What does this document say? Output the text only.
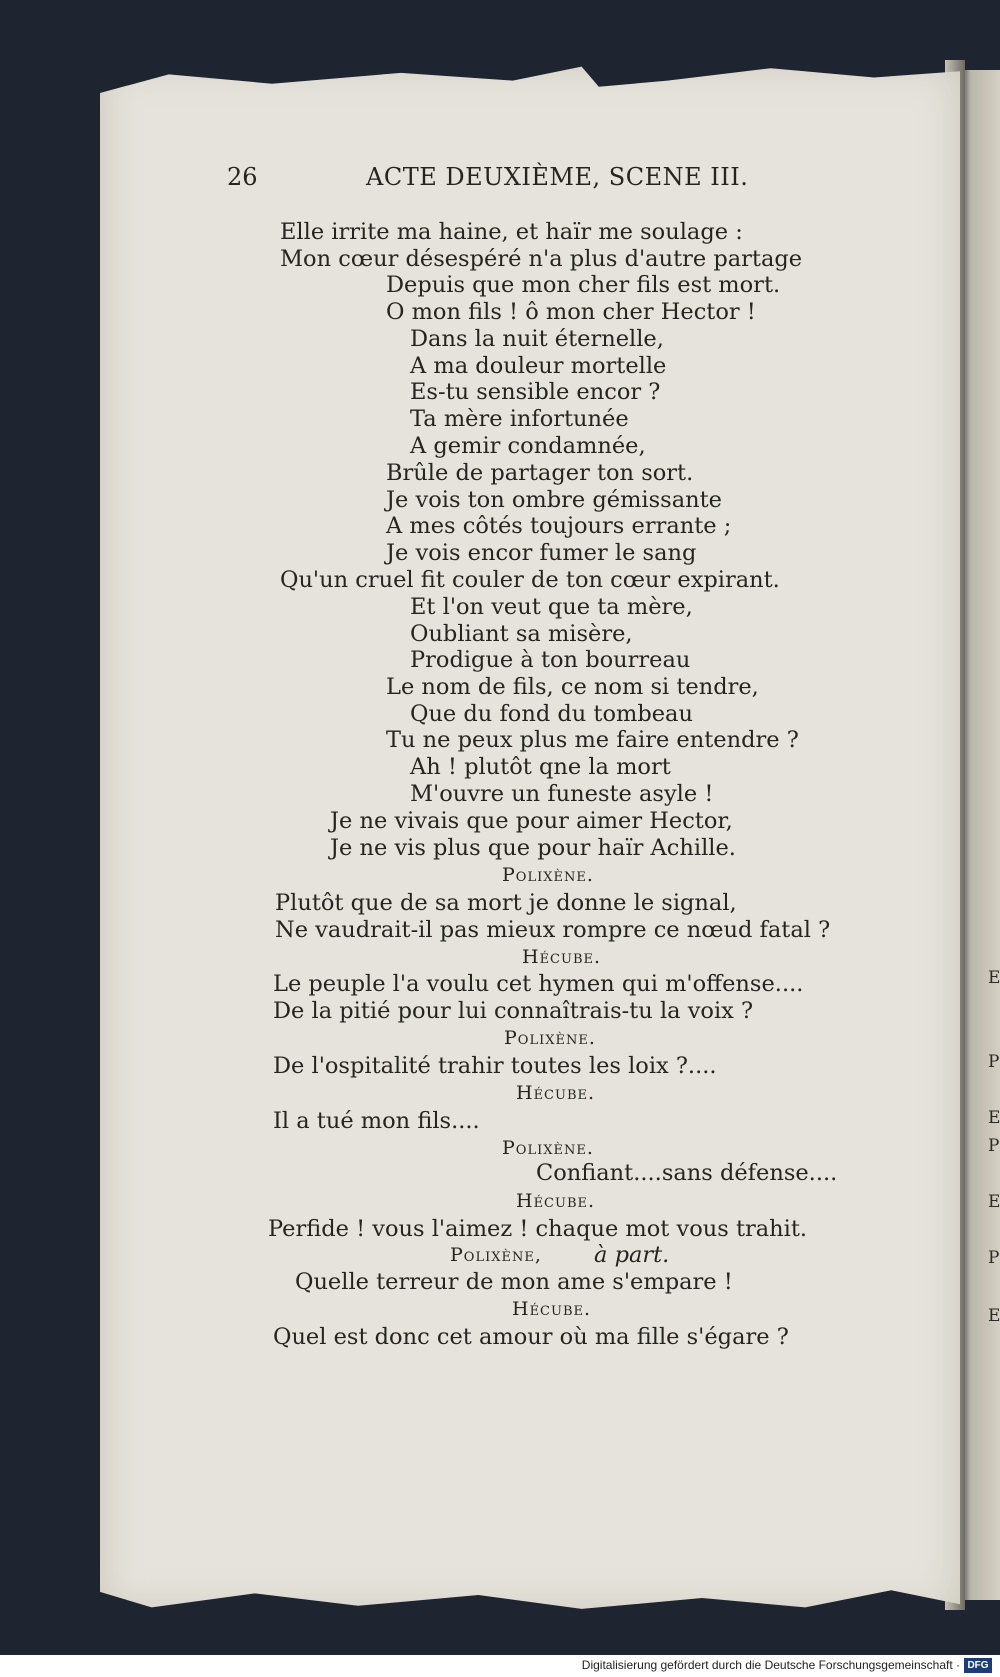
26	ACTE DEUXIÈME, SCENE III.
Elle irrite ma haine, et haïr me soulage :
Mon cœur désespéré n'a plus d'autre partage
Depuis que mon cher fils est mort.
O mon fils ! ô mon cher Hector !
Dans la nuit éternelle,
A ma douleur mortelle
Es-tu sensible encor ?
Ta mère infortunée
A gemir condamnée,
Brûle de partager ton sort.
Je vois ton ombre gémissante
A mes côtés toujours errante ;
Je vois encor fumer le sang
Qu'un cruel fit couler de ton cœur expirant.
Et l'on veut que ta mère,
Oubliant sa misère,
Prodigue à ton bourreau
Le nom de fils, ce nom si tendre,
Que du fond du tombeau
Tu ne peux plus me faire entendre ?
Ah ! plutôt qne la mort
M'ouvre un funeste asyle !
Je ne vivais que pour aimer Hector,
Je ne vis plus que pour haïr Achille.
Polixène.
Plutôt que de sa mort je donne le signal,
Ne vaudrait-il pas mieux rompre ce nœud fatal ?
Hécube.
Le peuple l'a voulu cet hymen qui m'offense....
De la pitié pour lui connaîtrais-tu la voix ?
Polixène.
De l'ospitalité trahir toutes les loix ?....
Hécube.
Il a tué mon fils....
Polixène.
Confiant....sans défense....
Hécube.
Perfide ! vous l'aimez ! chaque mot vous trahit.
Polixène, à part.
Quelle terreur de mon ame s'empare !
Hécube.
Quel est donc cet amour où ma fille s'égare ?
E
P
E
P
E
P
E
Digitalisierung gefördert durch die Deutsche Forschungsgemeinschaft · DFG
